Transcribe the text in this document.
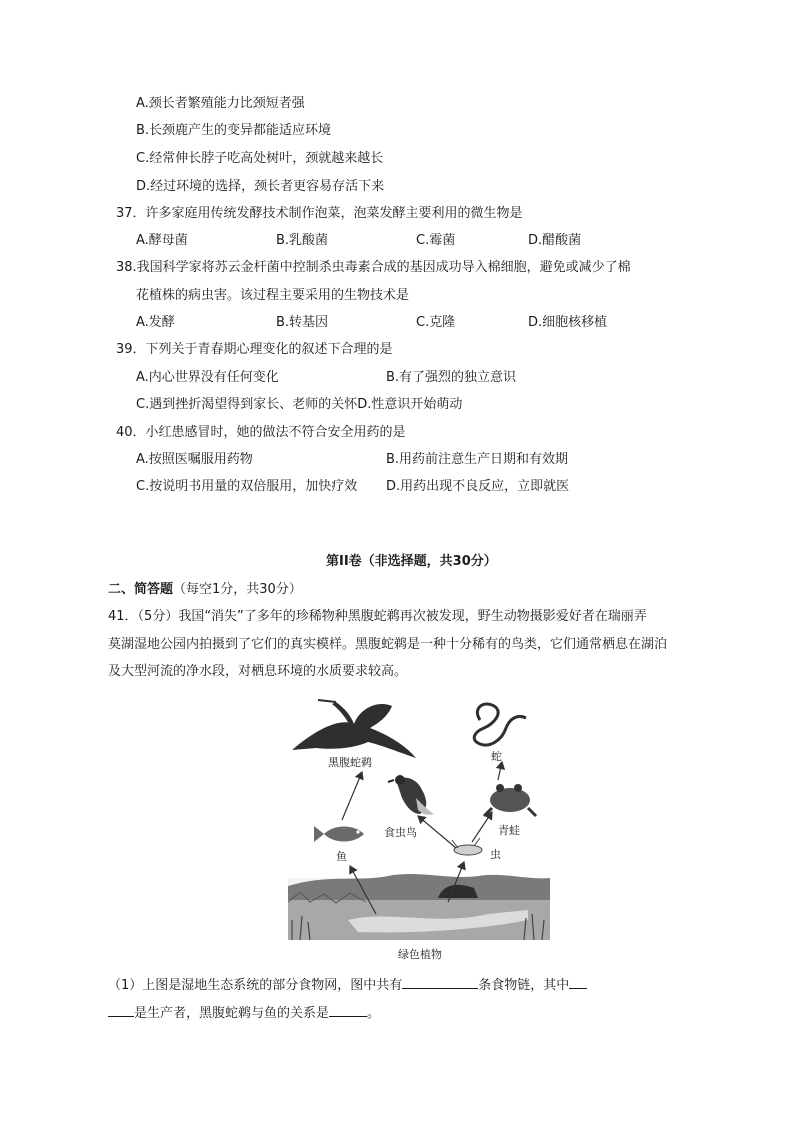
A.颈长者繁殖能力比颈短者强
B.长颈鹿产生的变异都能适应环境
C.经常伸长脖子吃高处树叶，颈就越来越长
D.经过环境的选择，颈长者更容易存活下来
37．许多家庭用传统发酵技术制作泡菜，泡菜发酵主要利用的微生物是
A.酵母菌	B.乳酸菌	C.霉菌	D.醋酸菌
38.我国科学家将苏云金杆菌中控制杀虫毒素合成的基因成功导入棉细胞，避免或减少了棉
花植株的病虫害。该过程主要采用的生物技术是
A.发酵	B.转基因	C.克隆	D.细胞核移植
39．下列关于青春期心理变化的叙述下合理的是
A.内心世界没有任何变化	B.有了强烈的独立意识
C.遇到挫折渴望得到家长、老师的关怀D.性意识开始萌动
40．小红患感冒时，她的做法不符合安全用药的是
A.按照医嘱服用药物	B.用药前注意生产日期和有效期
C.按说明书用量的双倍服用，加快疗效 D.用药出现不良反应，立即就医
第II卷（非选择题，共30分）
二、简答题（每空1分，共30分）
41．（5分）我国“消失”了多年的珍稀物种黑腹蛇鹈再次被发现，野生动物摄影爱好者在瑞丽弄
莫湖湿地公园内拍摄到了它们的真实模样。黑腹蛇鹈是一种十分稀有的鸟类，它们通常栖息在湖泊
及大型河流的净水段，对栖息环境的水质要求较高。
黑腹蛇鹈	蛇
食虫鸟	青蛙
鱼	虫
绿色植物
（1）上图是湿地生态系统的部分食物网，图中共有	条食物链，其中
是生产者，黑腹蛇鹈与鱼的关系是	。
